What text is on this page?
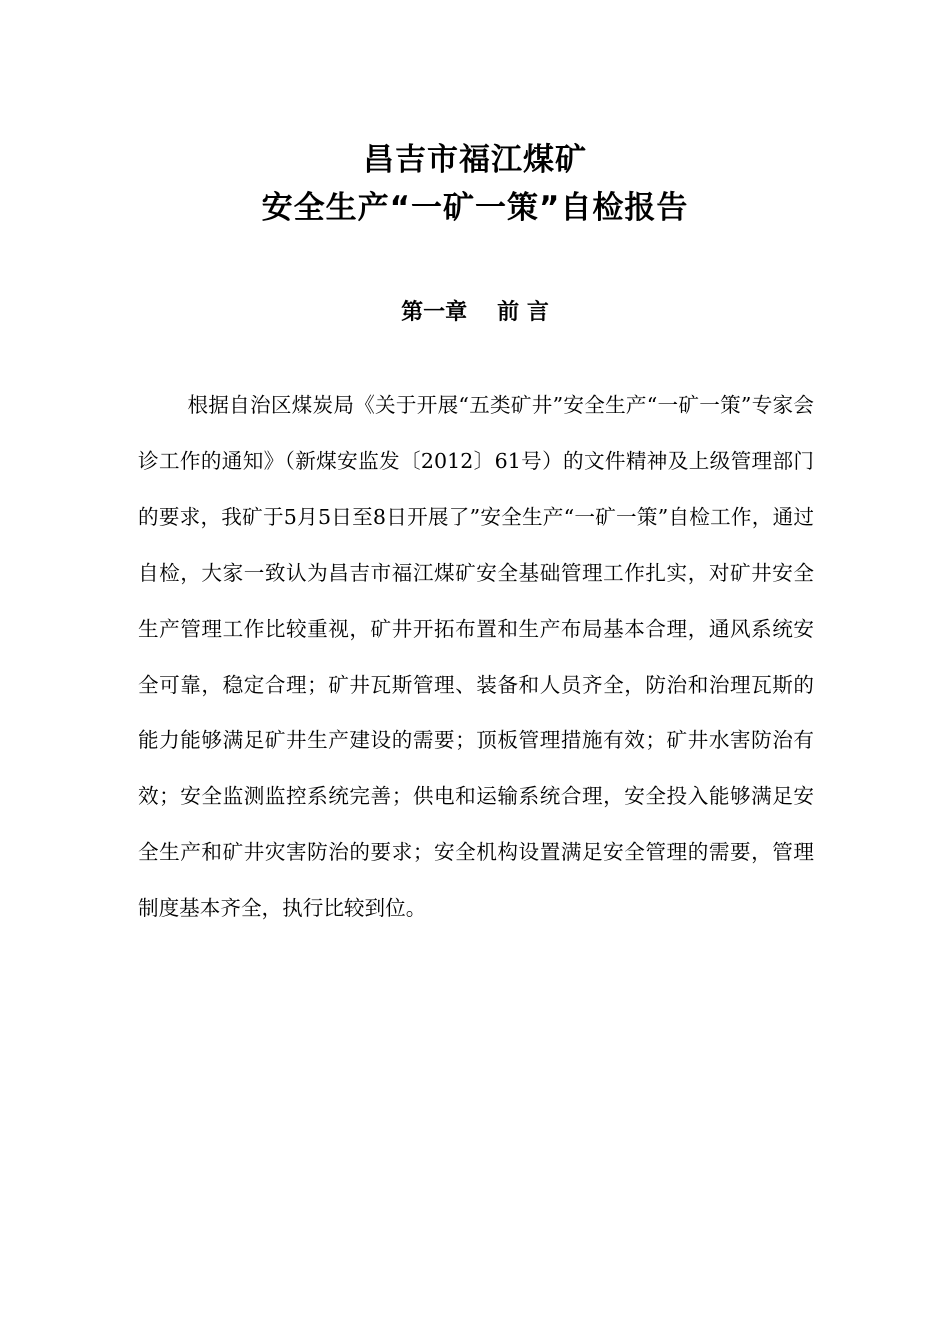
昌吉市福江煤矿
安全生产“一矿一策”自检报告
第一章 前 言

根据自治区煤炭局《关于开展“五类矿井”安全生产“一矿一策”专家会诊工作的通知》（新煤安监发〔2012〕61号）的文件精神及上级管理部门的要求，我矿于5月5日至8日开展了”安全生产“一矿一策”自检工作，通过自检，大家一致认为昌吉市福江煤矿安全基础管理工作扎实，对矿井安全生产管理工作比较重视，矿井开拓布置和生产布局基本合理，通风系统安全可靠，稳定合理；矿井瓦斯管理、装备和人员齐全，防治和治理瓦斯的能力能够满足矿井生产建设的需要；顶板管理措施有效；矿井水害防治有效；安全监测监控系统完善；供电和运输系统合理，安全投入能够满足安全生产和矿井灾害防治的要求；安全机构设置满足安全管理的需要，管理制度基本齐全，执行比较到位。
